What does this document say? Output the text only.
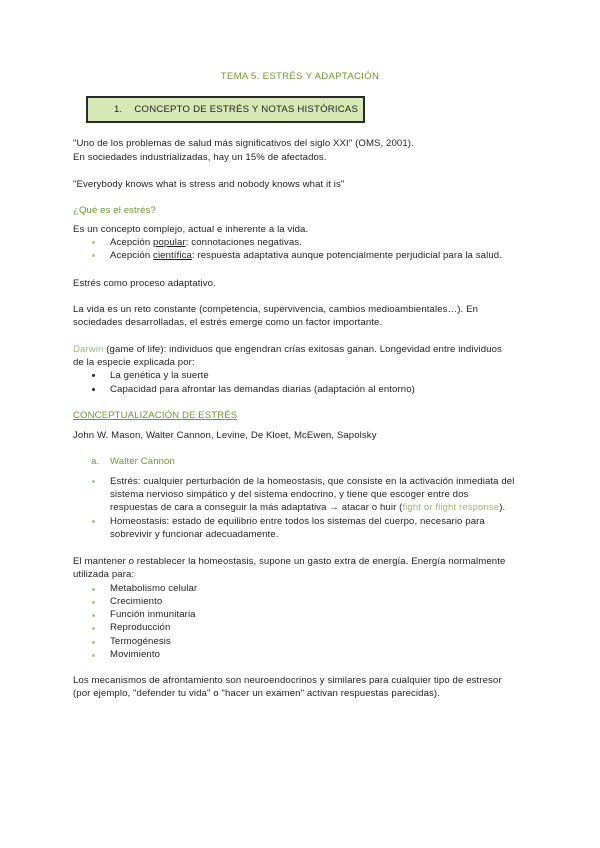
TEMA 5. ESTRÉS Y ADAPTACIÓN
1. CONCEPTO DE ESTRÉS Y NOTAS HISTÓRICAS
"Uno de los problemas de salud más significativos del siglo XXI" (OMS, 2001).
En sociedades industrializadas, hay un 15% de afectados.
"Everybody knows what is stress and nobody knows what it is"
¿Qué es el estrés?
Es un concepto complejo, actual e inherente a la vida.
Acepción popular: connotaciones negativas.
Acepción científica: respuesta adaptativa aunque potencialmente perjudicial para la salud.
Estrés como proceso adaptativo.
La vida es un reto constante (competencia, supervivencia, cambios medioambientales…). En
sociedades desarrolladas, el estrés emerge como un factor importante.
Darwin (game of life): individuos que engendran crías exitosas ganan. Longevidad entre individuos
de la especie explicada por:
La genética y la suerte
Capacidad para afrontar las demandas diarias (adaptación al entorno)
CONCEPTUALIZACIÓN DE ESTRÉS
John W. Mason, Walter Cannon, Levine, De Kloet, McEwen, Sapolsky
a. Walter Cannon
Estrés: cualquier perturbación de la homeostasis, que consiste en la activación inmediata del
sistema nervioso simpático y del sistema endocrino, y tiene que escoger entre dos
respuestas de cara a conseguir la más adaptativa → atacar o huir (fight or flight response).
Homeostasis: estado de equilibrio entre todos los sistemas del cuerpo, necesario para
sobrevivir y funcionar adecuadamente.
El mantener o restablecer la homeostasis, supone un gasto extra de energía. Energía normalmente
utilizada para:
Metabolismo celular
Crecimiento
Función inmunitaria
Reproducción
Termogénesis
Movimiento
Los mecanismos de afrontamiento son neuroendocrinos y similares para cualquier tipo de estresor
(por ejemplo, "defender tu vida" o "hacer un examen" activan respuestas parecidas).
